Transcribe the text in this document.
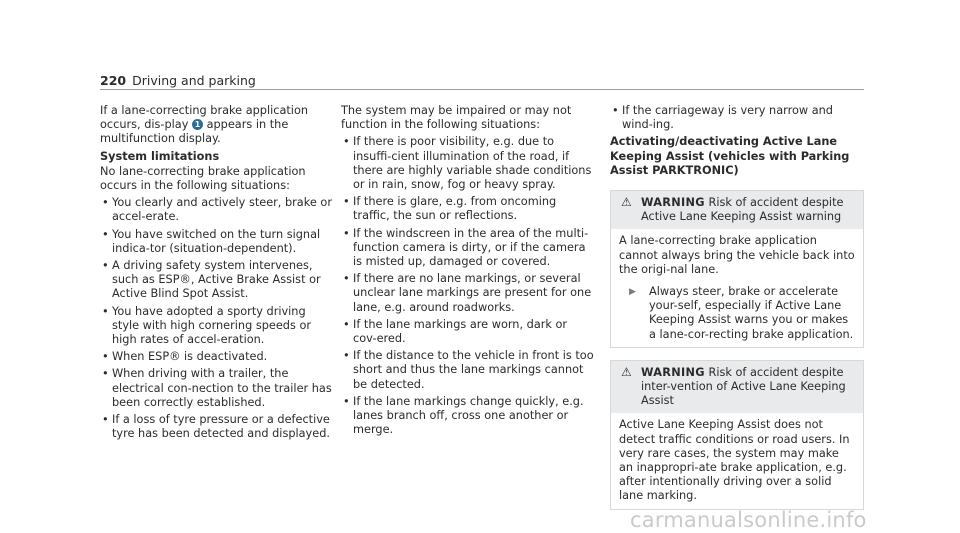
220 Driving and parking

If a lane-correcting brake application occurs, dis-play 1 appears in the multifunction display.

System limitations

No lane-correcting brake application occurs in the following situations:

• You clearly and actively steer, brake or accel-erate.
• You have switched on the turn signal indica-tor (situation-dependent).
• A driving safety system intervenes, such as ESP®, Active Brake Assist or Active Blind Spot Assist.
• You have adopted a sporty driving style with high cornering speeds or high rates of accel-eration.
• When ESP® is deactivated.
• When driving with a trailer, the electrical con-nection to the trailer has been correctly established.
• If a loss of tyre pressure or a defective tyre has been detected and displayed.

The system may be impaired or may not function in the following situations:

• If there is poor visibility, e.g. due to insuffi-cient illumination of the road, if there are highly variable shade conditions or in rain, snow, fog or heavy spray.
• If there is glare, e.g. from oncoming traffic, the sun or reflections.
• If the windscreen in the area of the multi-function camera is dirty, or if the camera is misted up, damaged or covered.
• If there are no lane markings, or several unclear lane markings are present for one lane, e.g. around roadworks.
• If the lane markings are worn, dark or cov-ered.
• If the distance to the vehicle in front is too short and thus the lane markings cannot be detected.
• If the lane markings change quickly, e.g. lanes branch off, cross one another or merge.
• If the carriageway is very narrow and wind-ing.

Activating/deactivating Active Lane Keeping Assist (vehicles with Parking Assist PARKTRONIC)

⚠ WARNING Risk of accident despite Active Lane Keeping Assist warning
A lane-correcting brake application cannot always bring the vehicle back into the origi-nal lane.
▶ Always steer, brake or accelerate your-self, especially if Active Lane Keeping Assist warns you or makes a lane-cor-recting brake application.
⚠ WARNING Risk of accident despite inter-vention of Active Lane Keeping Assist
Active Lane Keeping Assist does not detect traffic conditions or road users. In very rare cases, the system may make an inappropri-ate brake application, e.g. after intentionally driving over a solid lane marking.
carmanualsonline.info
